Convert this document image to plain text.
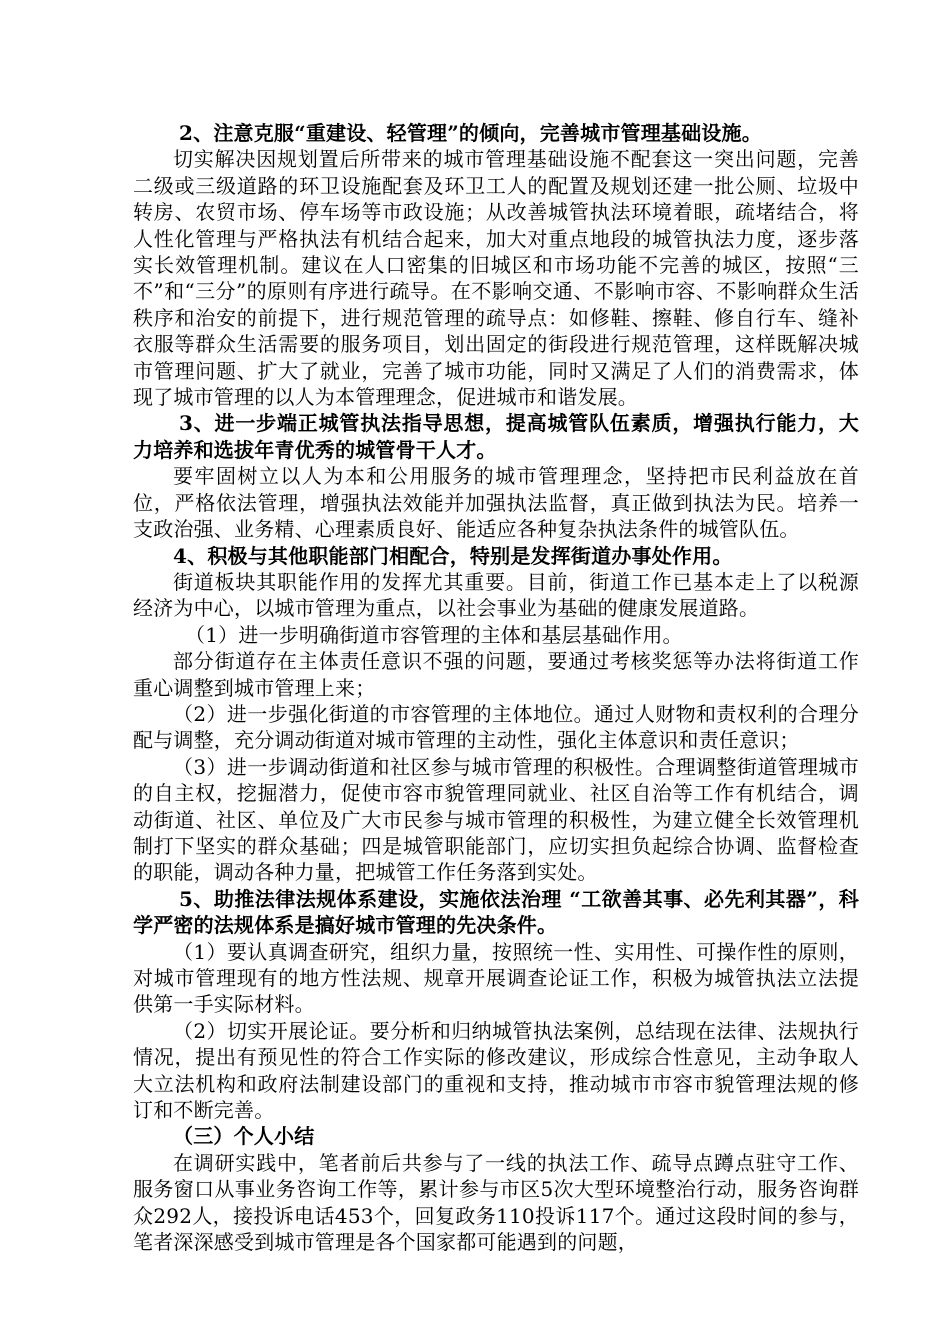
2、注意克服“重建设、轻管理”的倾向，完善城市管理基础设施。

切实解决因规划置后所带来的城市管理基础设施不配套这一突出问题，完善二级或三级道路的环卫设施配套及环卫工人的配置及规划还建一批公厕、垃圾中转房、农贸市场、停车场等市政设施；从改善城管执法环境着眼，疏堵结合，将人性化管理与严格执法有机结合起来，加大对重点地段的城管执法力度，逐步落实长效管理机制。建议在人口密集的旧城区和市场功能不完善的城区，按照“三不”和“三分”的原则有序进行疏导。在不影响交通、不影响市容、不影响群众生活秩序和治安的前提下，进行规范管理的疏导点：如修鞋、擦鞋、修自行车、缝补衣服等群众生活需要的服务项目，划出固定的街段进行规范管理，这样既解决城市管理问题、扩大了就业，完善了城市功能，同时又满足了人们的消费需求，体现了城市管理的以人为本管理理念，促进城市和谐发展。

3、进一步端正城管执法指导思想，提高城管队伍素质，增强执行能力，大力培养和选拔年青优秀的城管骨干人才。

要牢固树立以人为本和公用服务的城市管理理念，坚持把市民利益放在首位，严格依法管理，增强执法效能并加强执法监督，真正做到执法为民。培养一支政治强、业务精、心理素质良好、能适应各种复杂执法条件的城管队伍。

4、积极与其他职能部门相配合，特别是发挥街道办事处作用。

街道板块其职能作用的发挥尤其重要。目前，街道工作已基本走上了以税源经济为中心，以城市管理为重点，以社会事业为基础的健康发展道路。

（1）进一步明确街道市容管理的主体和基层基础作用。

部分街道存在主体责任意识不强的问题，要通过考核奖惩等办法将街道工作重心调整到城市管理上来；

（2）进一步强化街道的市容管理的主体地位。通过人财物和责权利的合理分配与调整，充分调动街道对城市管理的主动性，强化主体意识和责任意识；

（3）进一步调动街道和社区参与城市管理的积极性。合理调整街道管理城市的自主权，挖掘潜力，促使市容市貌管理同就业、社区自治等工作有机结合，调动街道、社区、单位及广大市民参与城市管理的积极性，为建立健全长效管理机制打下坚实的群众基础；四是城管职能部门，应切实担负起综合协调、监督检查的职能，调动各种力量，把城管工作任务落到实处。

5、助推法律法规体系建设，实施依法治理 “工欲善其事、必先利其器”，科学严密的法规体系是搞好城市管理的先决条件。

（1）要认真调查研究，组织力量，按照统一性、实用性、可操作性的原则，对城市管理现有的地方性法规、规章开展调查论证工作，积极为城管执法立法提供第一手实际材料。

（2）切实开展论证。要分析和归纳城管执法案例，总结现在法律、法规执行情况，提出有预见性的符合工作实际的修改建议，形成综合性意见，主动争取人大立法机构和政府法制建设部门的重视和支持，推动城市市容市貌管理法规的修订和不断完善。

（三）个人小结

在调研实践中，笔者前后共参与了一线的执法工作、疏导点蹲点驻守工作、服务窗口从事业务咨询工作等，累计参与市区5次大型环境整治行动，服务咨询群众292人，接投诉电话453个，回复政务110投诉117个。通过这段时间的参与，笔者深深感受到城市管理是各个国家都可能遇到的问题，
